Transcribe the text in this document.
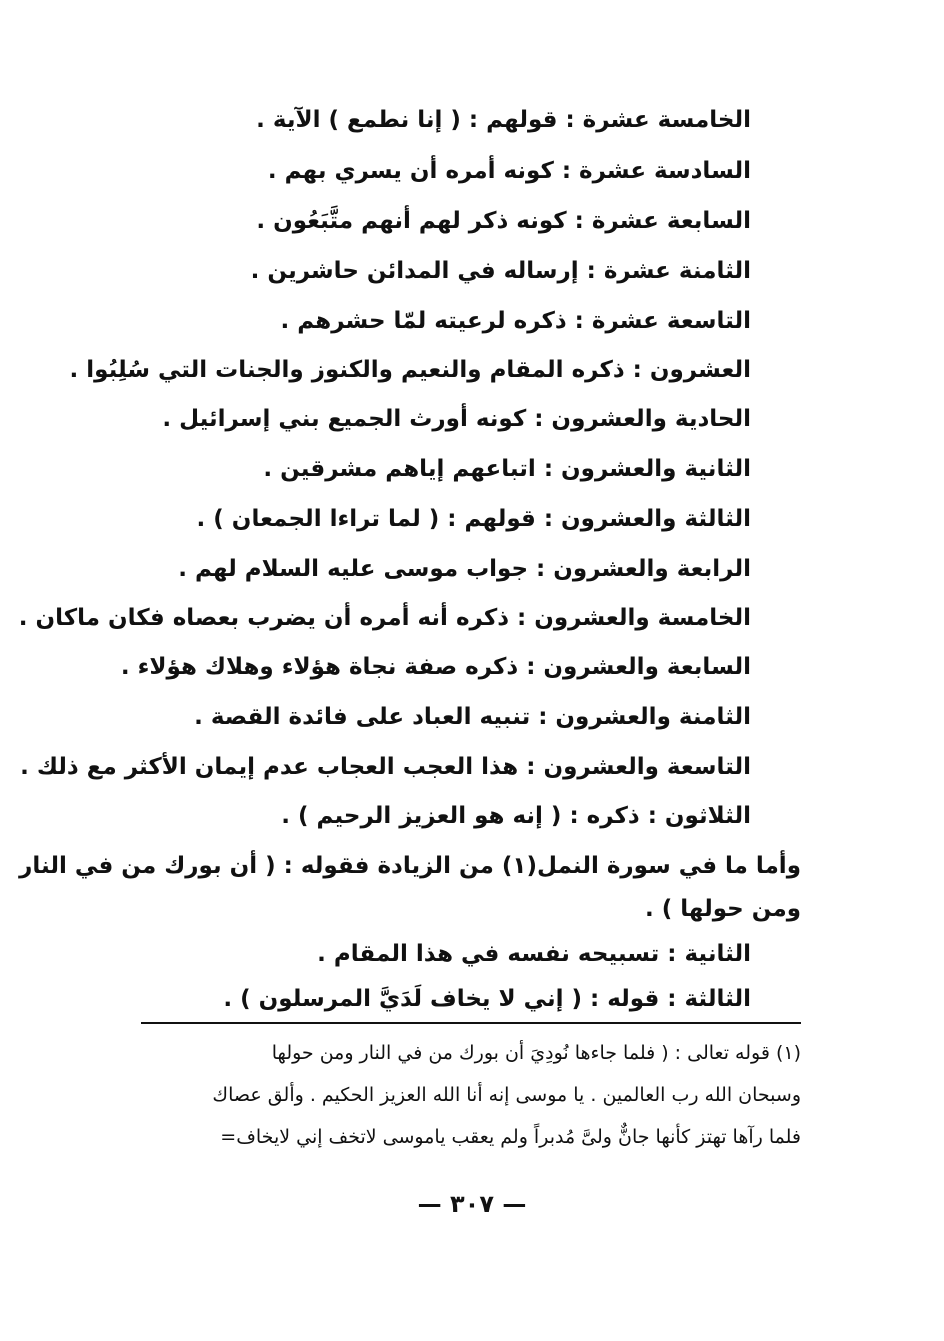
الخامسة عشرة : قولهم : ( إنا نطمع ) الآية .
السادسة عشرة : كونه أمره أن يسري بهم .
السابعة عشرة : كونه ذكر لهم أنهم متَّبَعُون .
الثامنة عشرة : إرساله في المدائن حاشرين .
التاسعة عشرة : ذكره لرعيته لمّا حشرهم .
العشرون : ذكره المقام والنعيم والكنوز والجنات التي سُلِبُوا .
الحادية والعشرون : كونه أورث الجميع بني إسرائيل .
الثانية والعشرون : اتباعهم إياهم مشرقين .
الثالثة والعشرون : قولهم : ( لما تراءا الجمعان ) .
الرابعة والعشرون : جواب موسى عليه السلام لهم .
الخامسة والعشرون : ذكره أنه أمره أن يضرب بعصاه فكان ماكان .
السابعة والعشرون : ذكره صفة نجاة هؤلاء وهلاك هؤلاء .
الثامنة والعشرون : تنبيه العباد على فائدة القصة .
التاسعة والعشرون : هذا العجب العجاب عدم إيمان الأكثر مع ذلك .
الثلاثون : ذكره : ( إنه هو العزيز الرحيم ) .
وأما ما في سورة النمل(١) من الزيادة فقوله : ( أن بورك من في النار
ومن حولها ) .
الثانية : تسبيحه نفسه في هذا المقام .
الثالثة : قوله : ( إني لا يخاف لَدَيَّ المرسلون ) .
(١) قوله تعالى : ( فلما جاءها نُودِيَ أن بورك من في النار ومن حولها
وسبحان الله رب العالمين . يا موسى إنه أنا الله العزيز الحكيم . وألق عصاك
فلما رآها تهتز كأنها جانٌّ ولىَّ مُدبراً ولم يعقب ياموسى لاتخف إني لايخاف=
— ٣٠٧ —
